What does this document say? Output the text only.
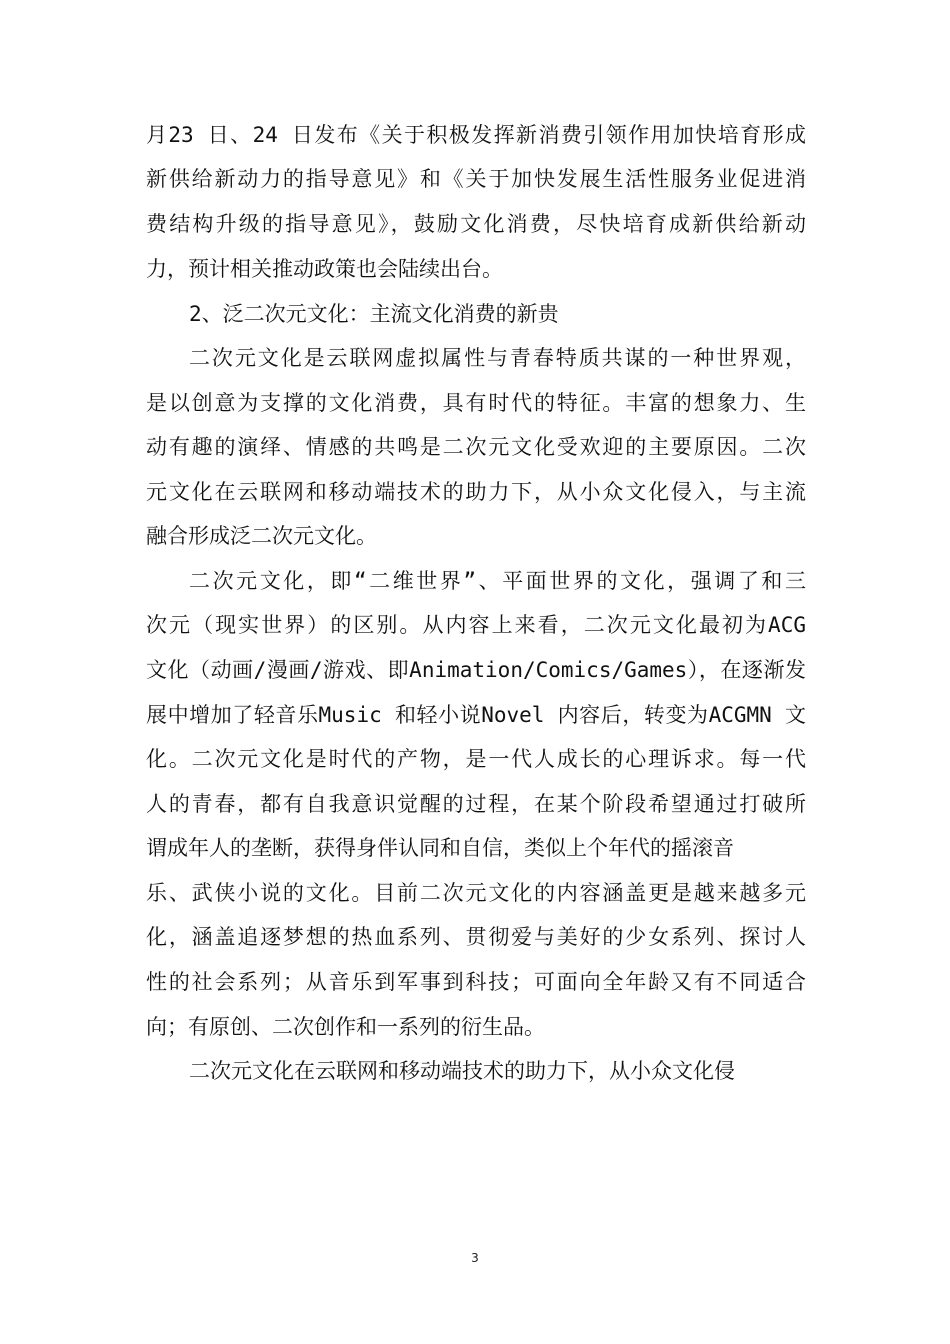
月23 日、24 日发布《关于积极发挥新消费引领作用加快培育形成
新供给新动力的指导意见》和《关于加快发展生活性服务业促进消
费结构升级的指导意见》，鼓励文化消费，尽快培育成新供给新动
力，预计相关推动政策也会陆续出台。
2、泛二次元文化：主流文化消费的新贵
二次元文化是云联网虚拟属性与青春特质共谋的一种世界观，
是以创意为支撑的文化消费，具有时代的特征。丰富的想象力、生
动有趣的演绎、情感的共鸣是二次元文化受欢迎的主要原因。二次
元文化在云联网和移动端技术的助力下，从小众文化侵入，与主流
融合形成泛二次元文化。
二次元文化，即“二维世界”、平面世界的文化，强调了和三
次元（现实世界）的区别。从内容上来看，二次元文化最初为ACG
文化（动画/漫画/游戏、即Animation/Comics/Games），在逐渐发
展中增加了轻音乐Music 和轻小说Novel 内容后，转变为ACGMN 文
化。二次元文化是时代的产物，是一代人成长的心理诉求。每一代
人的青春，都有自我意识觉醒的过程，在某个阶段希望通过打破所
谓成年人的垄断，获得身伴认同和自信，类似上个年代的摇滚音
乐、武侠小说的文化。目前二次元文化的内容涵盖更是越来越多元
化，涵盖追逐梦想的热血系列、贯彻爱与美好的少女系列、探讨人
性的社会系列；从音乐到军事到科技；可面向全年龄又有不同适合
向；有原创、二次创作和一系列的衍生品。
二次元文化在云联网和移动端技术的助力下，从小众文化侵
3
